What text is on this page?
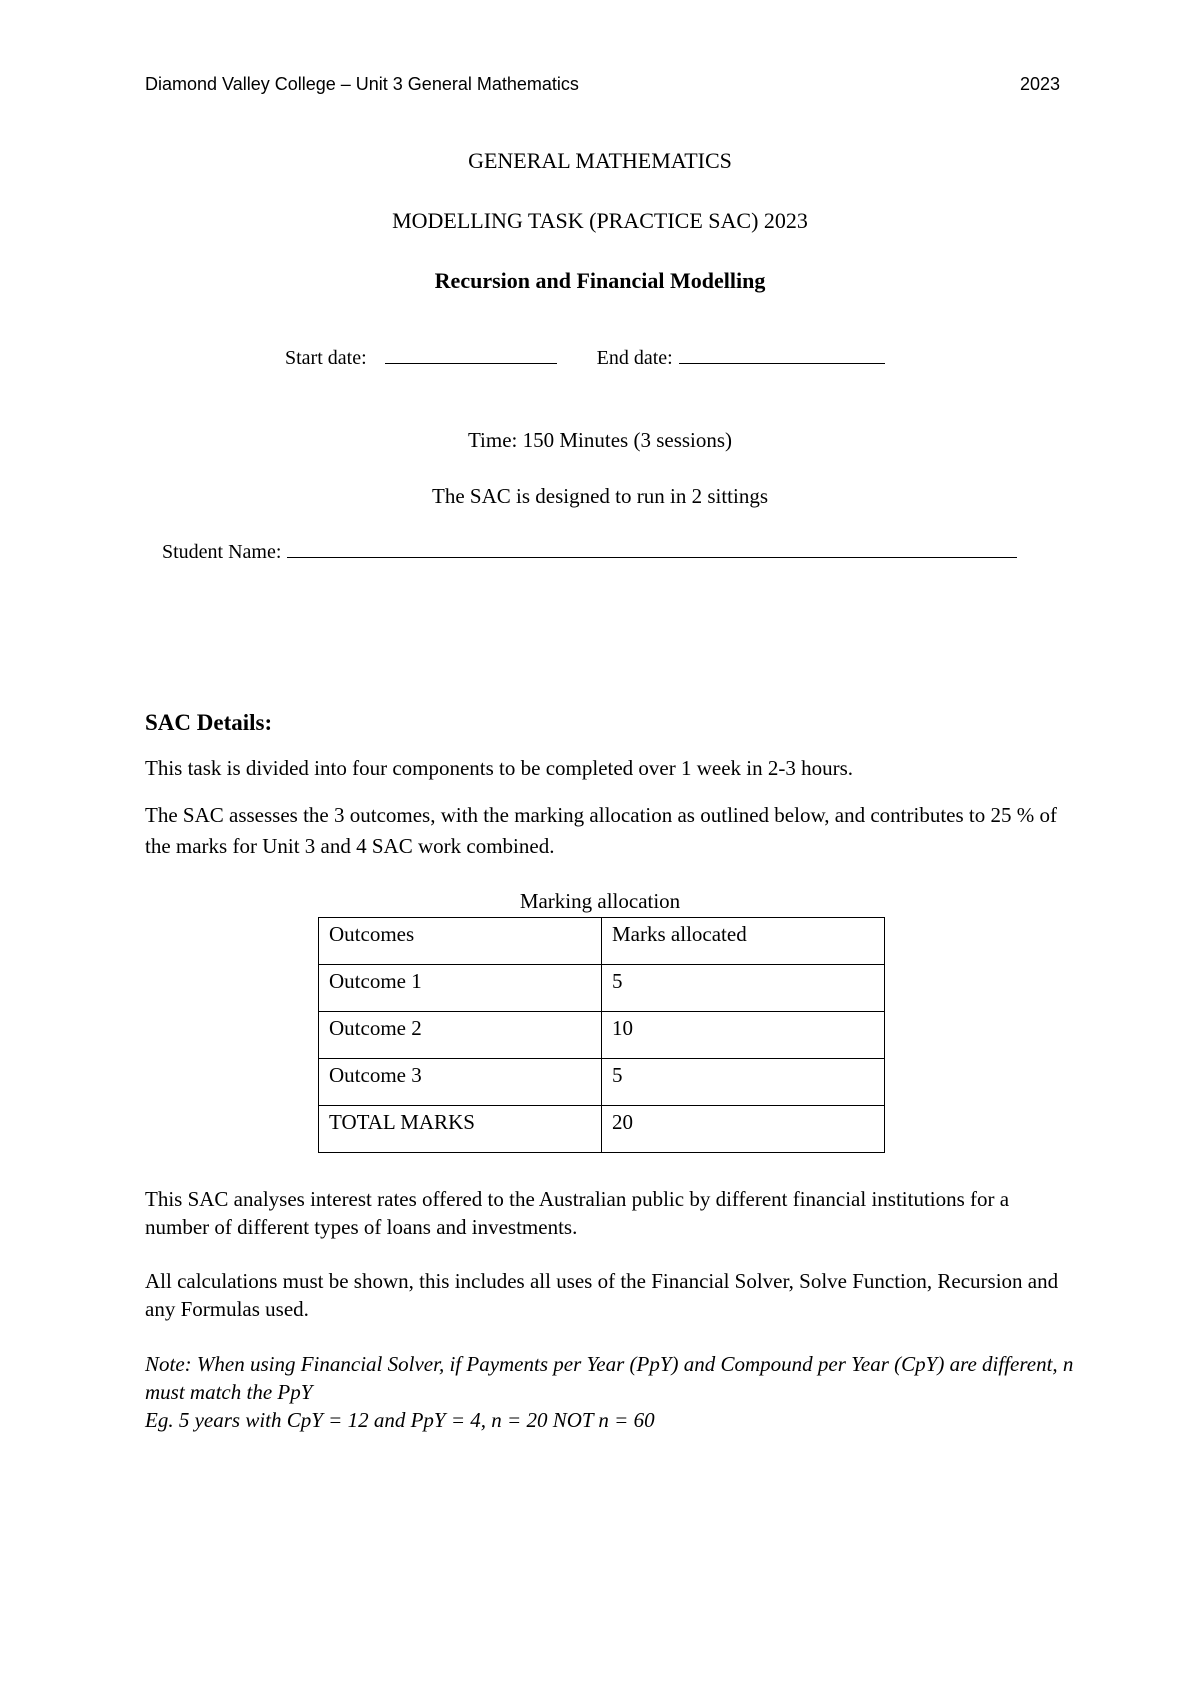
Diamond Valley College – Unit 3 General Mathematics	2023
GENERAL MATHEMATICS
MODELLING TASK (PRACTICE SAC) 2023
Recursion and Financial Modelling
Start date:	End date:
Time: 150 Minutes (3 sessions)
The SAC is designed to run in 2 sittings
Student Name:
SAC Details:
This task is divided into four components to be completed over 1 week in 2-3 hours.
The SAC assesses the 3 outcomes, with the marking allocation as outlined below, and contributes to 25 % of the marks for Unit 3 and 4 SAC work combined.
Marking allocation
Outcomes	Marks allocated
Outcome 1	5
Outcome 2	10
Outcome 3	5
TOTAL MARKS	20
This SAC analyses interest rates offered to the Australian public by different financial institutions for a number of different types of loans and investments.
All calculations must be shown, this includes all uses of the Financial Solver, Solve Function, Recursion and any Formulas used.
Note: When using Financial Solver, if Payments per Year (PpY) and Compound per Year (CpY) are different, n must match the PpY
Eg. 5 years with CpY = 12 and PpY = 4, n = 20 NOT n = 60
